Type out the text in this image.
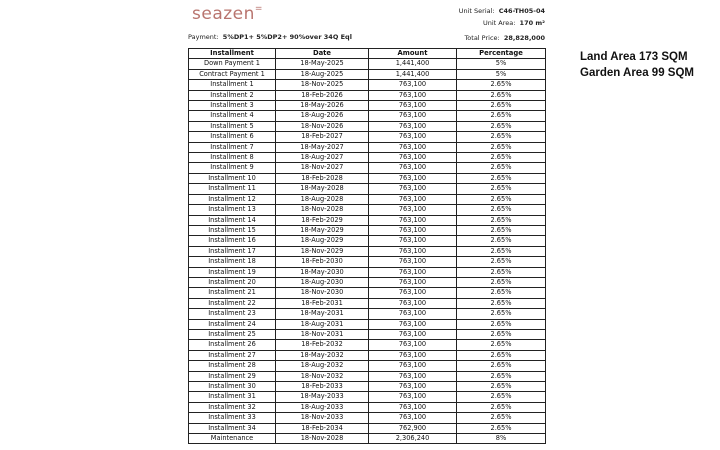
seazen=	Unit Serial: C46-TH05-04
Unit Area: 170 m²
Payment: 5%DP1+ 5%DP2+ 90%over 34Q Eql	Total Price: 28,828,000
Land Area 173 SQM
Garden Area 99 SQM
Installment	Date	Amount	Percentage
Down Payment 1	18-May-2025	1,441,400	5%
Contract Payment 1	18-Aug-2025	1,441,400	5%
Installment 1	18-Nov-2025	763,100	2.65%
Installment 2	18-Feb-2026	763,100	2.65%
Installment 3	18-May-2026	763,100	2.65%
Installment 4	18-Aug-2026	763,100	2.65%
Installment 5	18-Nov-2026	763,100	2.65%
Installment 6	18-Feb-2027	763,100	2.65%
Installment 7	18-May-2027	763,100	2.65%
Installment 8	18-Aug-2027	763,100	2.65%
Installment 9	18-Nov-2027	763,100	2.65%
Installment 10	18-Feb-2028	763,100	2.65%
Installment 11	18-May-2028	763,100	2.65%
Installment 12	18-Aug-2028	763,100	2.65%
Installment 13	18-Nov-2028	763,100	2.65%
Installment 14	18-Feb-2029	763,100	2.65%
Installment 15	18-May-2029	763,100	2.65%
Installment 16	18-Aug-2029	763,100	2.65%
Installment 17	18-Nov-2029	763,100	2.65%
Installment 18	18-Feb-2030	763,100	2.65%
Installment 19	18-May-2030	763,100	2.65%
Installment 20	18-Aug-2030	763,100	2.65%
Installment 21	18-Nov-2030	763,100	2.65%
Installment 22	18-Feb-2031	763,100	2.65%
Installment 23	18-May-2031	763,100	2.65%
Installment 24	18-Aug-2031	763,100	2.65%
Installment 25	18-Nov-2031	763,100	2.65%
Installment 26	18-Feb-2032	763,100	2.65%
Installment 27	18-May-2032	763,100	2.65%
Installment 28	18-Aug-2032	763,100	2.65%
Installment 29	18-Nov-2032	763,100	2.65%
Installment 30	18-Feb-2033	763,100	2.65%
Installment 31	18-May-2033	763,100	2.65%
Installment 32	18-Aug-2033	763,100	2.65%
Installment 33	18-Nov-2033	763,100	2.65%
Installment 34	18-Feb-2034	762,900	2.65%
Maintenance	18-Nov-2028	2,306,240	8%
